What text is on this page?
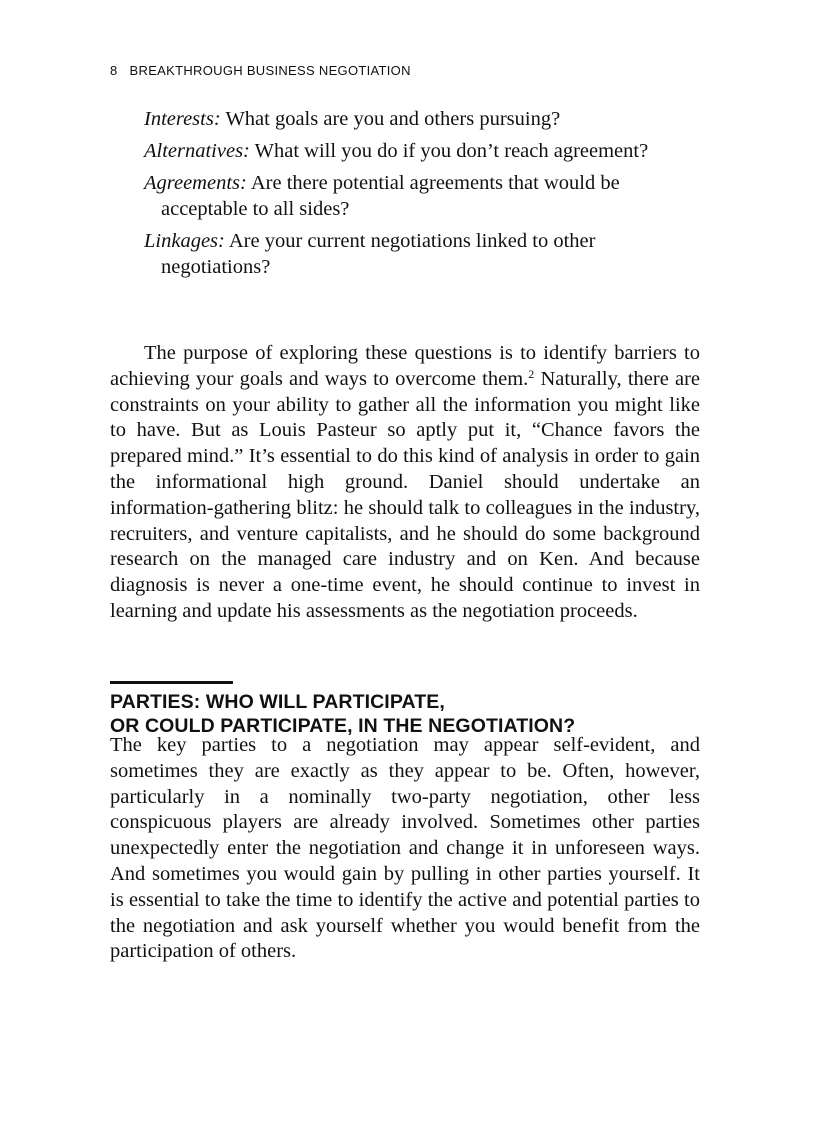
8 BREAKTHROUGH BUSINESS NEGOTIATION

Interests: What goals are you and others pursuing?

Alternatives: What will you do if you don’t reach agreement?

Agreements: Are there potential agreements that would be acceptable to all sides?

Linkages: Are your current negotiations linked to other negotiations?

The purpose of exploring these questions is to identify barriers to achieving your goals and ways to overcome them.$^2$ Naturally, there are constraints on your ability to gather all the information you might like to have. But as Louis Pasteur so aptly put it, “Chance favors the prepared mind.” It’s essential to do this kind of analysis in order to gain the informational high ground. Daniel should undertake an information-gathering blitz: he should talk to colleagues in the industry, recruiters, and venture capitalists, and he should do some background research on the managed care industry and on Ken. And because diagnosis is never a one-time event, he should continue to invest in learning and update his assessments as the negotiation proceeds.

PARTIES: WHO WILL PARTICIPATE,
OR COULD PARTICIPATE, IN THE NEGOTIATION?

The key parties to a negotiation may appear self-evident, and sometimes they are exactly as they appear to be. Often, however, particularly in a nominally two-party negotiation, other less conspicuous players are already involved. Sometimes other parties unexpectedly enter the negotiation and change it in unforeseen ways. And sometimes you would gain by pulling in other parties yourself. It is essential to take the time to identify the active and potential parties to the negotiation and ask yourself whether you would benefit from the participation of others.
